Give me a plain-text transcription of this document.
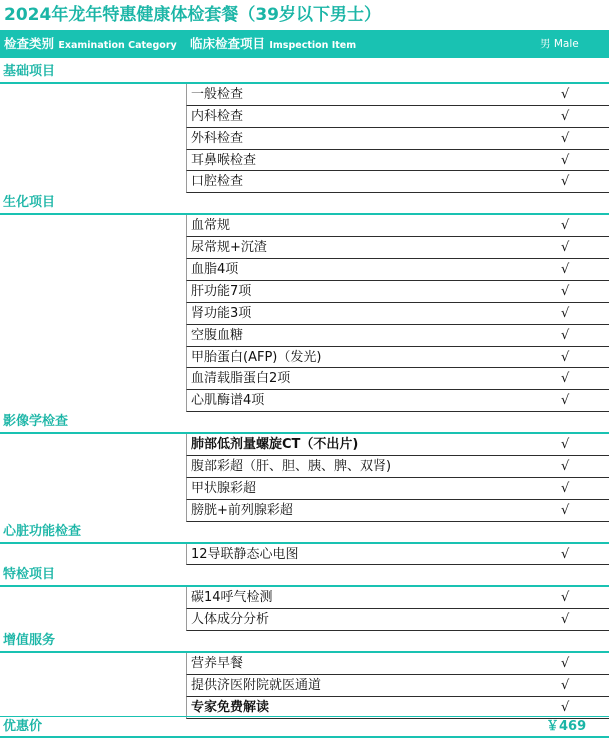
2024年龙年特惠健康体检套餐（39岁以下男士）
检查类别 Examination Category	临床检查项目 Imspection Item	男 Male
基础项目
一般检查	√
内科检查	√
外科检查	√
耳鼻喉检查	√
口腔检查	√
生化项目
血常规	√
尿常规+沉渣	√
血脂4项	√
肝功能7项	√
肾功能3项	√
空腹血糖	√
甲胎蛋白(AFP)（发光)	√
血清载脂蛋白2项	√
心肌酶谱4项	√
影像学检查
肺部低剂量螺旋CT（不出片)	√
腹部彩超（肝、胆、胰、脾、双肾)	√
甲状腺彩超	√
膀胱+前列腺彩超	√
心脏功能检查
12导联静态心电图	√
特检项目
碳14呼气检测	√
人体成分分析	√
增值服务
营养早餐	√
提供济医附院就医通道	√
专家免费解读	√
优惠价	￥469
